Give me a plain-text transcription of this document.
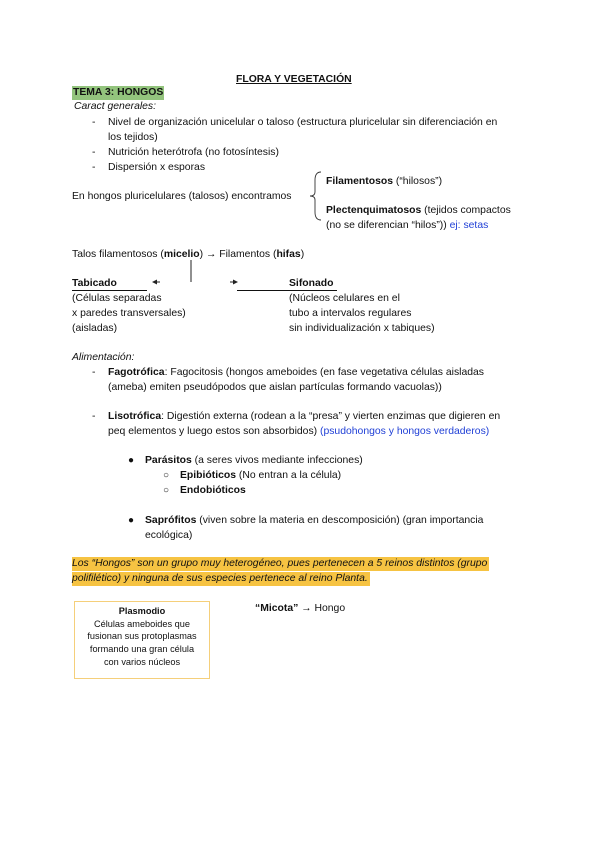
FLORA Y VEGETACIÓN
TEMA 3: HONGOS
Caract generales:
- Nivel de organización unicelular o taloso (estructura pluricelular sin diferenciación en
los tejidos)
- Nutrición heterótrofa (no fotosíntesis)
- Dispersión x esporas
En hongos pluricelulares (talosos) encontramos
Filamentosos (“hilosos”)
Plectenquimatosos (tejidos compactos
(no se diferencian “hilos”)) ej: setas
Talos filamentosos (micelio) → Filamentos (hifas)
Tabicado
(Células separadas
x paredes transversales)
(aisladas)
Sifonado
(Núcleos celulares en el
tubo a intervalos regulares
sin individualización x tabiques)
Alimentación:
- Fagotrófica: Fagocitosis (hongos ameboides (en fase vegetativa células aisladas
(ameba) emiten pseudópodos que aislan partículas formando vacuolas))
- Lisotrófica: Digestión externa (rodean a la “presa” y vierten enzimas que digieren en
peq elementos y luego estos son absorbidos) (psudohongos y hongos verdaderos)
● Parásitos (a seres vivos mediante infecciones)
○ Epibióticos (No entran a la célula)
○ Endobióticos
● Saprófitos (viven sobre la materia en descomposición) (gran importancia
ecológica)
Los “Hongos” son un grupo muy heterogéneo, pues pertenecen a 5 reinos distintos (grupo
polifilético) y ninguna de sus especies pertenece al reino Planta.
Plasmodio
Células ameboides que
fusionan sus protoplasmas
formando una gran célula
con varios núcleos
“Micota” → Hongo
